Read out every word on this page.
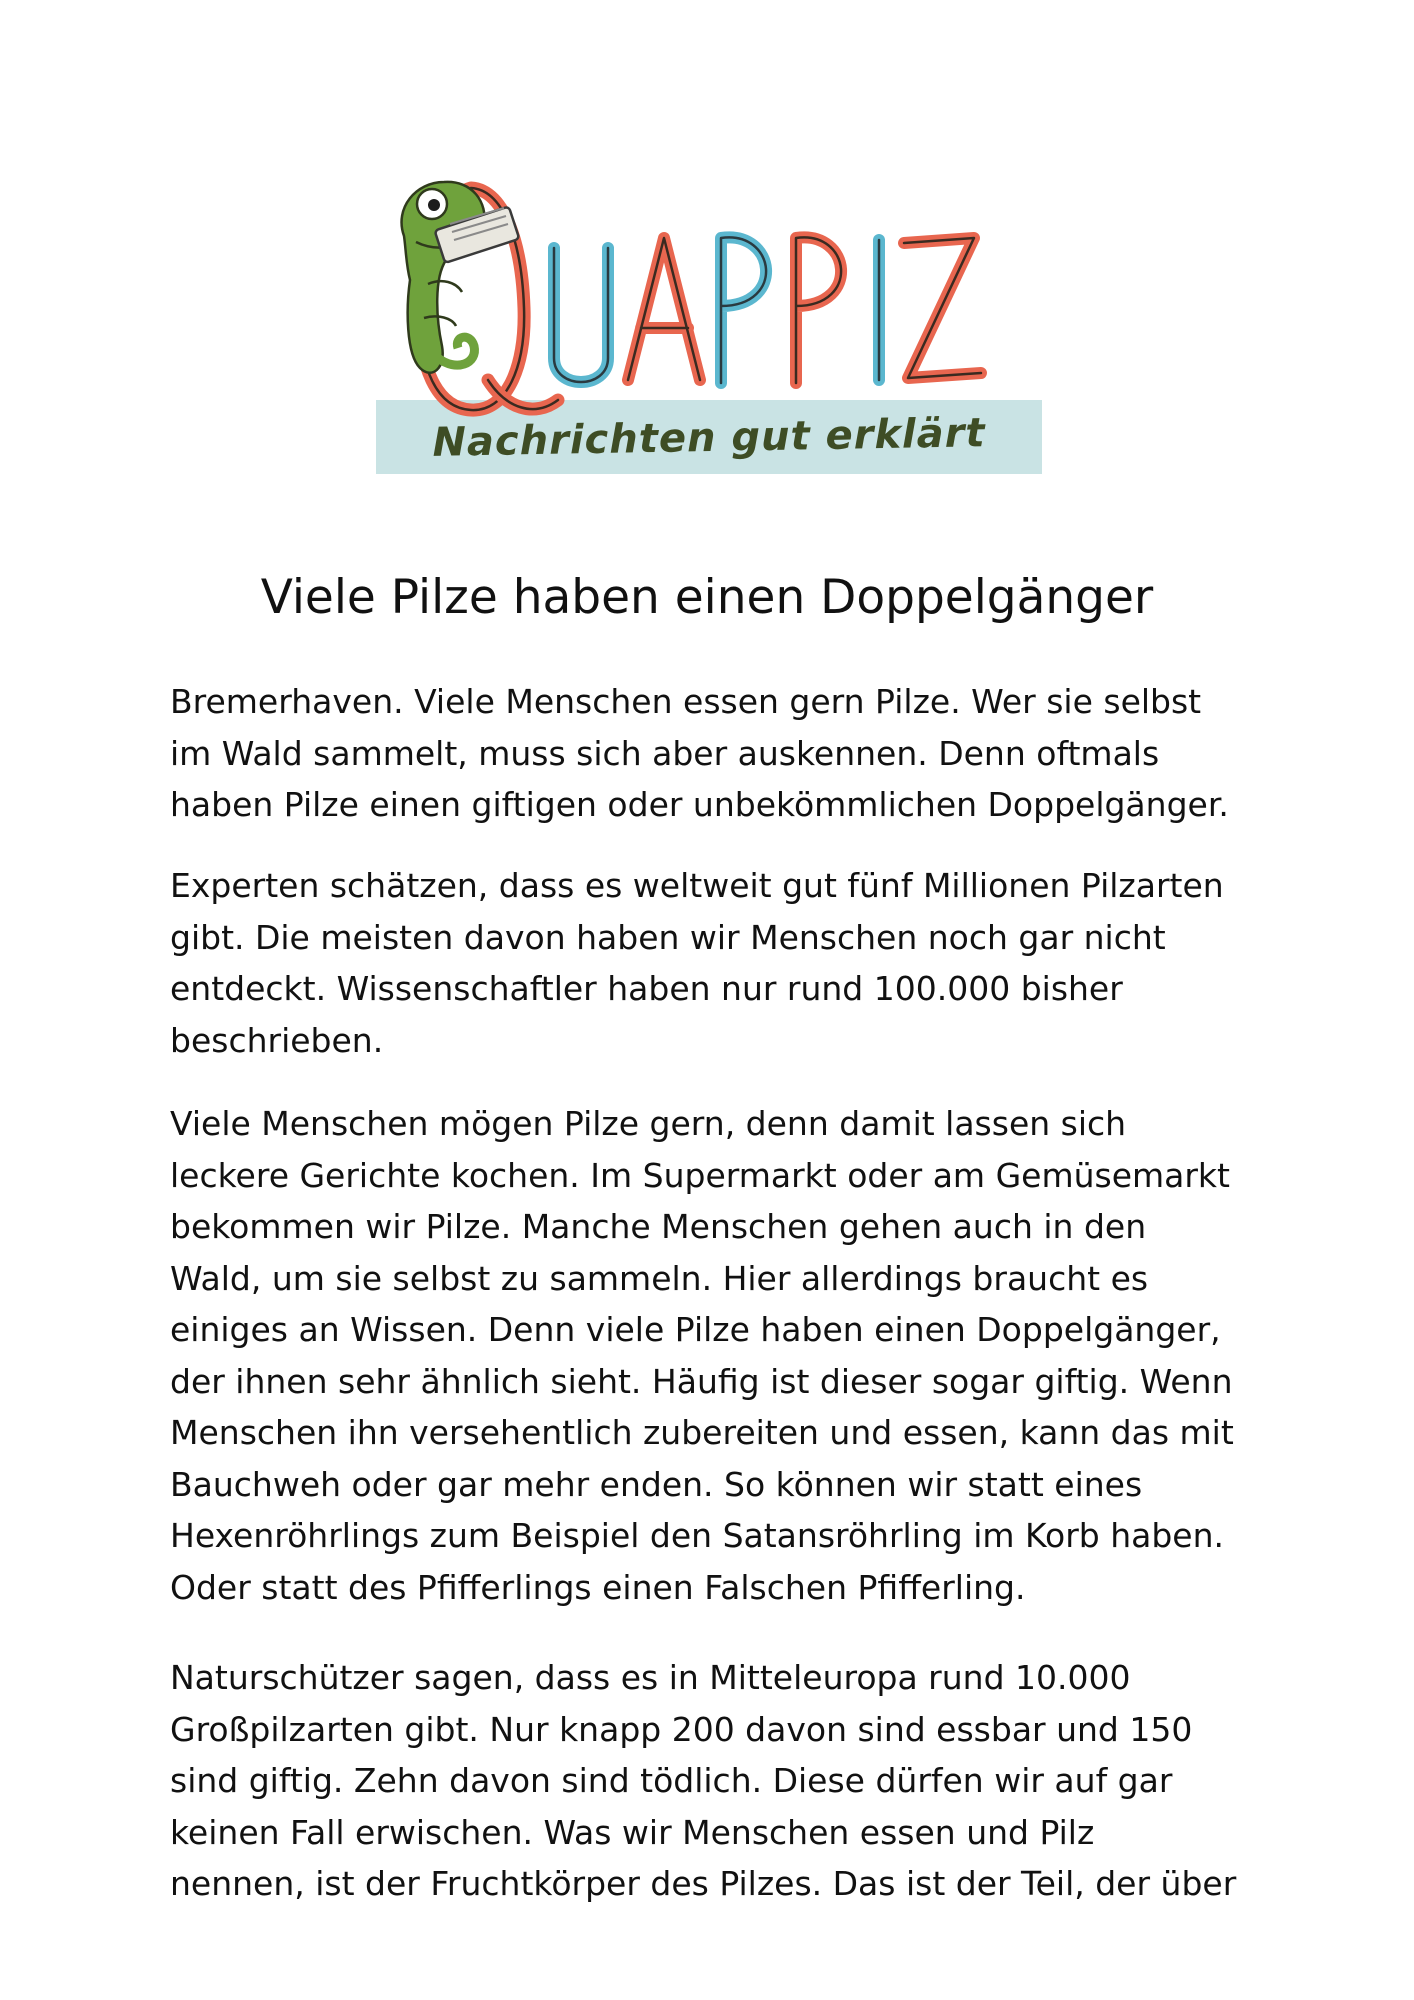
Nachrichten gut erklärt
Viele Pilze haben einen Doppelgänger

Bremerhaven. Viele Menschen essen gern Pilze. Wer sie selbst
im Wald sammelt, muss sich aber auskennen. Denn oftmals
haben Pilze einen giftigen oder unbekömmlichen Doppelgänger.

Experten schätzen, dass es weltweit gut fünf Millionen Pilzarten
gibt. Die meisten davon haben wir Menschen noch gar nicht
entdeckt. Wissenschaftler haben nur rund 100.000 bisher
beschrieben.

Viele Menschen mögen Pilze gern, denn damit lassen sich
leckere Gerichte kochen. Im Supermarkt oder am Gemüsemarkt
bekommen wir Pilze. Manche Menschen gehen auch in den
Wald, um sie selbst zu sammeln. Hier allerdings braucht es
einiges an Wissen. Denn viele Pilze haben einen Doppelgänger,
der ihnen sehr ähnlich sieht. Häufig ist dieser sogar giftig. Wenn
Menschen ihn versehentlich zubereiten und essen, kann das mit
Bauchweh oder gar mehr enden. So können wir statt eines
Hexenröhrlings zum Beispiel den Satansröhrling im Korb haben.
Oder statt des Pfifferlings einen Falschen Pfifferling.

Naturschützer sagen, dass es in Mitteleuropa rund 10.000
Großpilzarten gibt. Nur knapp 200 davon sind essbar und 150
sind giftig. Zehn davon sind tödlich. Diese dürfen wir auf gar
keinen Fall erwischen. Was wir Menschen essen und Pilz
nennen, ist der Fruchtkörper des Pilzes. Das ist der Teil, der über
